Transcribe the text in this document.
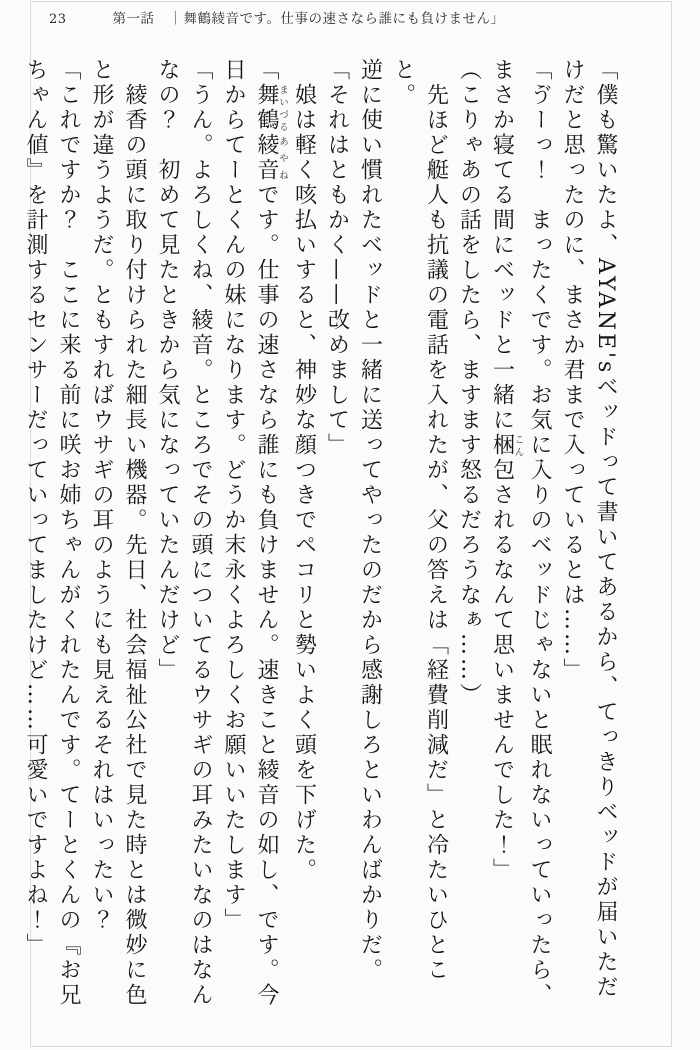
23	第一話 ｜ 舞鶴綾音です。仕事の速さなら誰にも負けません」
「僕も驚いたよ、AYANE'sベッドって書いてあるから、てっきりベッドが届いただ
けだと思ったのに、まさか君まで入っているとは……」
「ゔーっ！　まったくです。お気に入りのベッドじゃないと眠れないっていったら、
まさか寝てる間にベッドと一緒に梱こん包されるなんて思いませんでした！」
（こりゃあの話をしたら、ますます怒るだろうなぁ……）
　先ほど艇人も抗議の電話を入れたが、父の答えは「経費削減だ」と冷たいひとこと。
逆に使い慣れたベッドと一緒に送ってやったのだから感謝しろといわんばかりだ。
「それはともかく——改めまして」
　娘は軽く咳払いすると、神妙な顔つきでペコリと勢いよく頭を下げた。
「舞鶴まいづる綾音あやねです。仕事の速さなら誰にも負けません。速きこと綾音の如し、です。今
日からてーとくんの妹になります。どうか末永くよろしくお願いいたします」
「うん。よろしくね、綾音。ところでその頭についてるウサギの耳みたいなのはなん
なの？　初めて見たときから気になっていたんだけど」
　綾香の頭に取り付けられた細長い機器。先日、社会福祉公社で見た時とは微妙に色
と形が違うようだ。ともすればウサギの耳のようにも見えるそれはいったい？
「これですか？　ここに来る前に咲お姉ちゃんがくれたんです。てーとくんの『お兄
ちゃん値』を計測するセンサーだっていってましたけど……可愛いですよね！」
